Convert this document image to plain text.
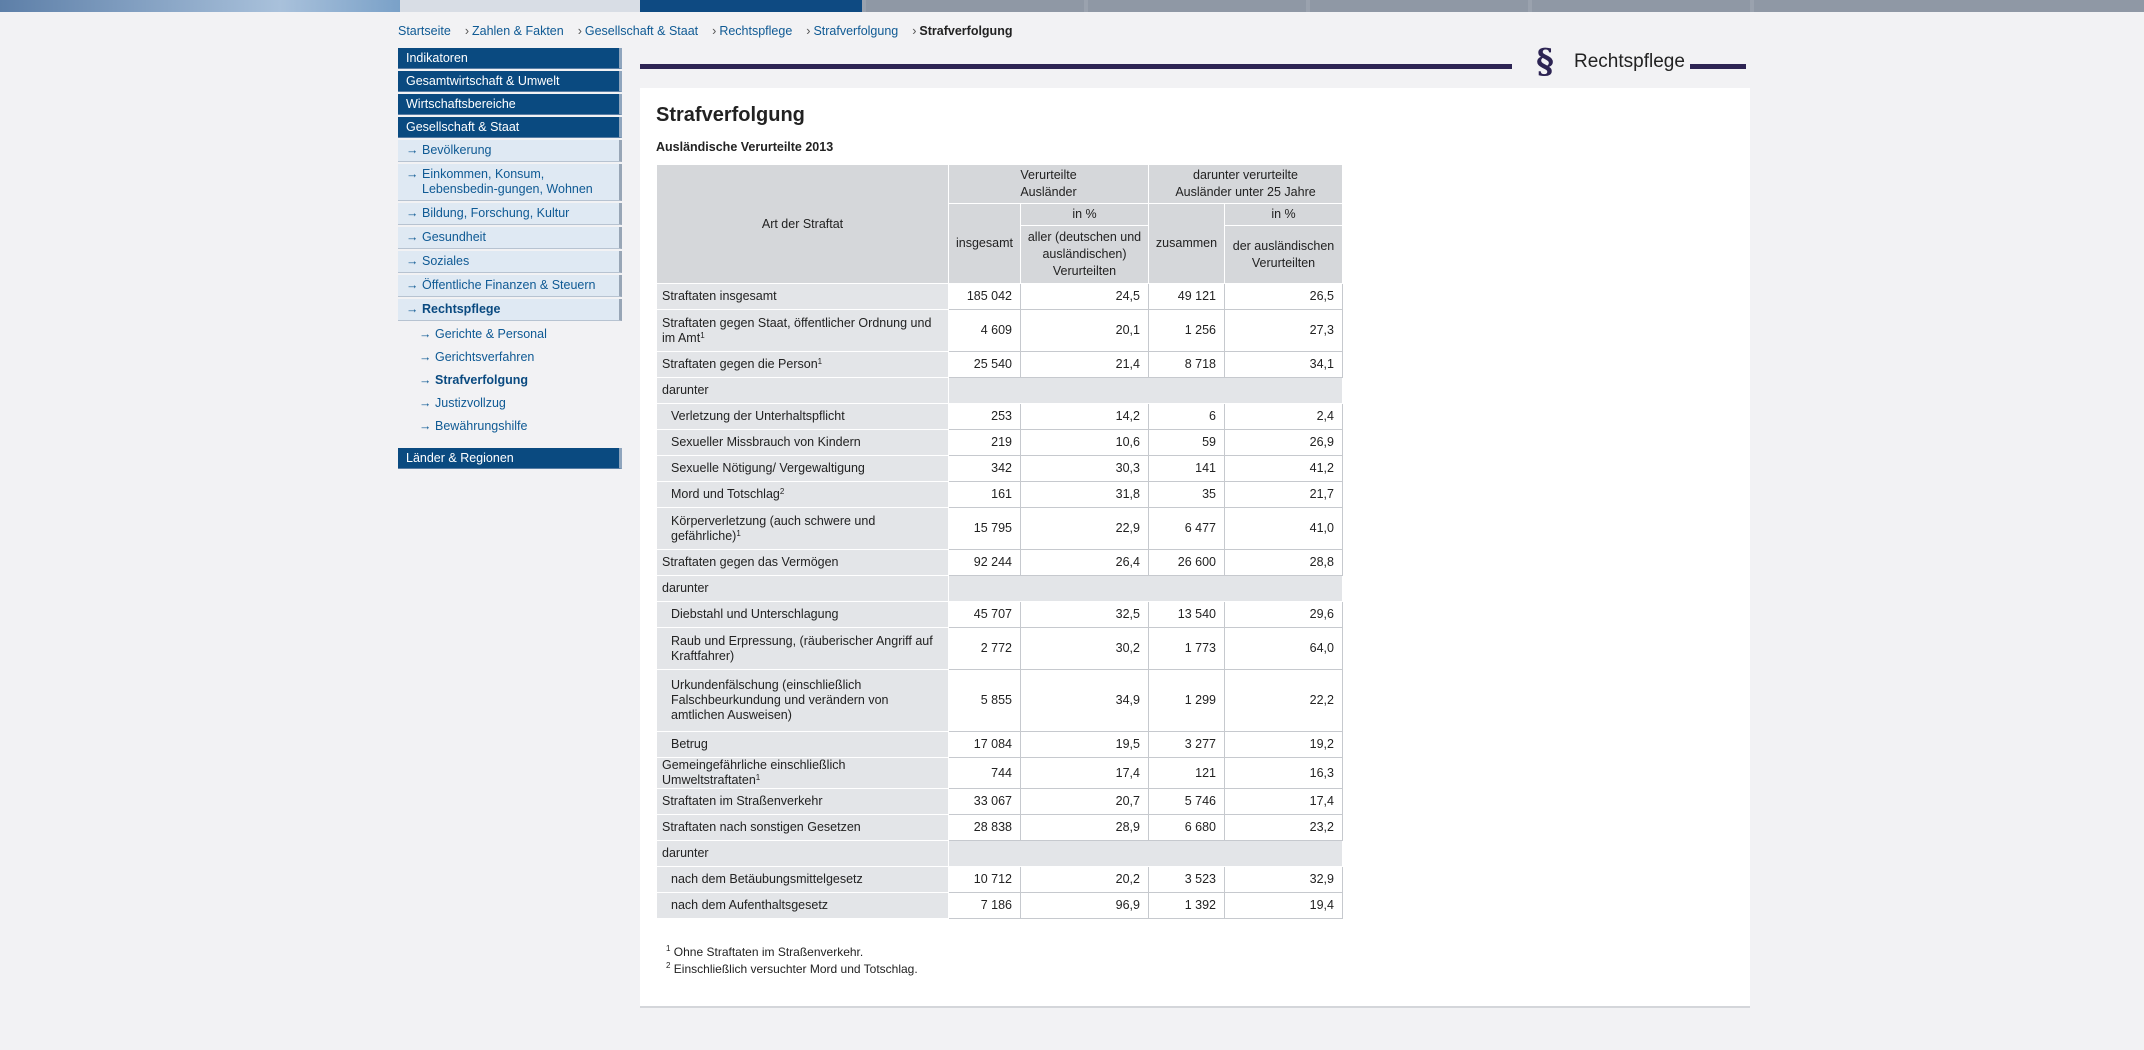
Startseite › Zahlen & Fakten › Gesellschaft & Staat › Rechtspflege › Strafverfolgung › Strafverfolgung
Indikatoren
Gesamtwirtschaft & Umwelt
Wirtschaftsbereiche
Gesellschaft & Staat
→ Bevölkerung
→ Einkommen, Konsum, Lebensbedin-gungen, Wohnen
→ Bildung, Forschung, Kultur
→ Gesundheit
→ Soziales
→ Öffentliche Finanzen & Steuern
→ Rechtspflege
→ Gerichte & Personal
→ Gerichtsverfahren
→ Strafverfolgung
→ Justizvollzug
→ Bewährungshilfe
Länder & Regionen
§	Rechtspflege
Strafverfolgung
Ausländische Verurteilte 2013
Art der Straftat	Verurteilte
Ausländer		darunter verurteilte
Ausländer unter 25 Jahre	
	insgesamt	in %	zusammen	in %
		aller (deutschen und ausländischen) Verurteilten		der ausländischen Verurteilten
Straftaten insgesamt	185 042	24,5	49 121	26,5
Straftaten gegen Staat, öffentlicher Ordnung und im Amt$^1$	4 609	20,1	1 256	27,3
Straftaten gegen die Person$^1$	25 540	21,4	8 718	34,1
darunter				
Verletzung der Unterhaltspflicht	253	14,2	6	2,4
Sexueller Missbrauch von Kindern	219	10,6	59	26,9
Sexuelle Nötigung/ Vergewaltigung	342	30,3	141	41,2
Mord und Totschlag$^2$	161	31,8	35	21,7
Körperverletzung (auch schwere und gefährliche)$^1$	15 795	22,9	6 477	41,0
Straftaten gegen das Vermögen	92 244	26,4	26 600	28,8
darunter				
Diebstahl und Unterschlagung	45 707	32,5	13 540	29,6
Raub und Erpressung, (räuberischer Angriff auf Kraftfahrer)	2 772	30,2	1 773	64,0
Urkundenfälschung (einschließlich Falschbeurkundung und verändern von amtlichen Ausweisen)	5 855	34,9	1 299	22,2
Betrug	17 084	19,5	3 277	19,2
Gemeingefährliche einschließlich Umweltstraftaten$^1$	744	17,4	121	16,3
Straftaten im Straßenverkehr	33 067	20,7	5 746	17,4
Straftaten nach sonstigen Gesetzen	28 838	28,9	6 680	23,2
darunter				
nach dem Betäubungsmittelgesetz	10 712	20,2	3 523	32,9
nach dem Aufenthaltsgesetz	7 186	96,9	1 392	19,4
$^1$ Ohne Straftaten im Straßenverkehr.
$^2$ Einschließlich versuchter Mord und Totschlag.
